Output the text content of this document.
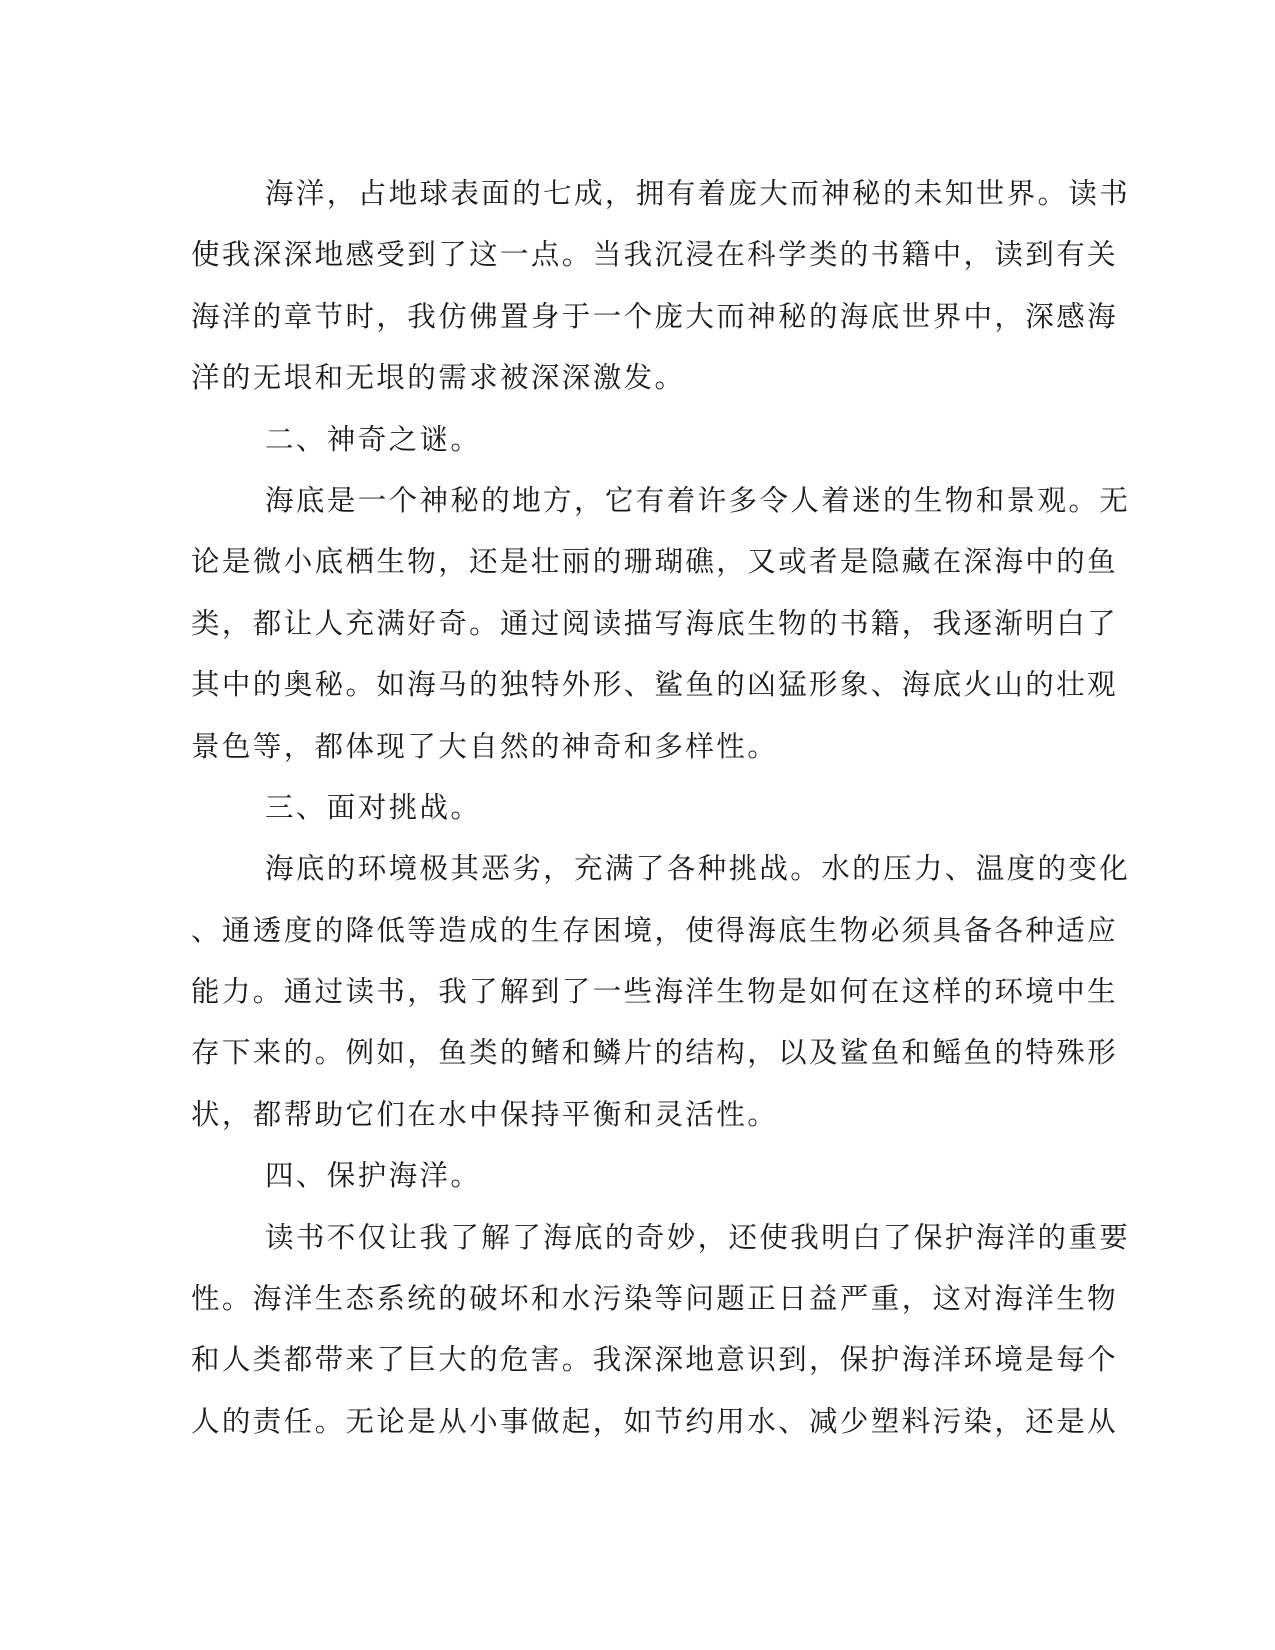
海洋，占地球表面的七成，拥有着庞大而神秘的未知世界。读书
使我深深地感受到了这一点。当我沉浸在科学类的书籍中，读到有关
海洋的章节时，我仿佛置身于一个庞大而神秘的海底世界中，深感海
洋的无垠和无垠的需求被深深激发。
二、神奇之谜。
海底是一个神秘的地方，它有着许多令人着迷的生物和景观。无
论是微小底栖生物，还是壮丽的珊瑚礁，又或者是隐藏在深海中的鱼
类，都让人充满好奇。通过阅读描写海底生物的书籍，我逐渐明白了
其中的奥秘。如海马的独特外形、鲨鱼的凶猛形象、海底火山的壮观
景色等，都体现了大自然的神奇和多样性。
三、面对挑战。
海底的环境极其恶劣，充满了各种挑战。水的压力、温度的变化
、通透度的降低等造成的生存困境，使得海底生物必须具备各种适应
能力。通过读书，我了解到了一些海洋生物是如何在这样的环境中生
存下来的。例如，鱼类的鳍和鳞片的结构，以及鲨鱼和鳐鱼的特殊形
状，都帮助它们在水中保持平衡和灵活性。
四、保护海洋。
读书不仅让我了解了海底的奇妙，还使我明白了保护海洋的重要
性。海洋生态系统的破坏和水污染等问题正日益严重，这对海洋生物
和人类都带来了巨大的危害。我深深地意识到，保护海洋环境是每个
人的责任。无论是从小事做起，如节约用水、减少塑料污染，还是从
